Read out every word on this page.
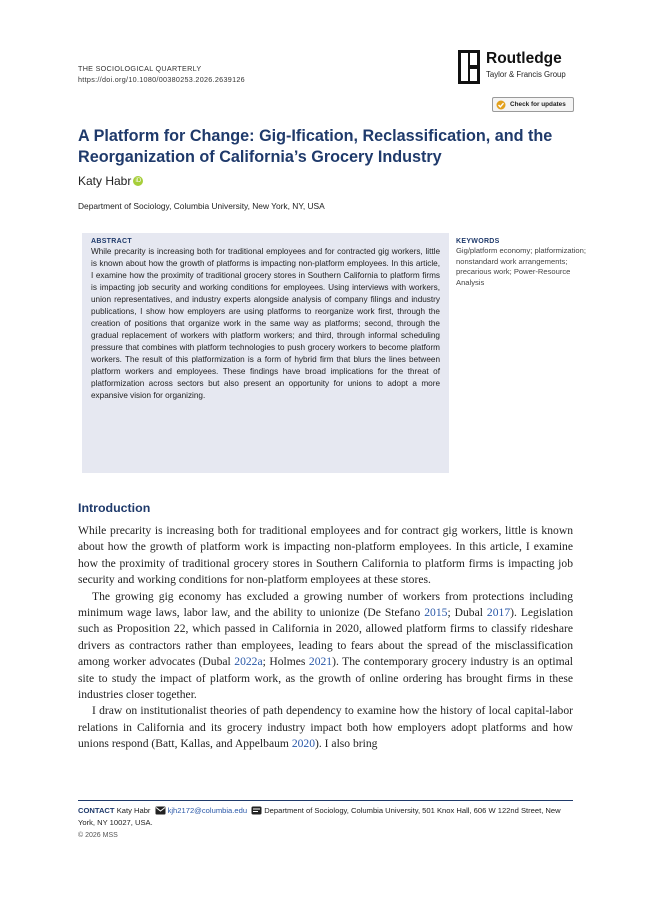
THE SOCIOLOGICAL QUARTERLY
https://doi.org/10.1080/00380253.2026.2639126
Routledge
Taylor & Francis Group
Check for updates
A Platform for Change: Gig-Ification, Reclassification, and the Reorganization of California’s Grocery Industry
Katy Habr iD
Department of Sociology, Columbia University, New York, NY, USA
ABSTRACT
While precarity is increasing both for traditional employees and for contracted gig workers, little is known about how the growth of platforms is impacting non-platform employees. In this article, I examine how the proximity of traditional grocery stores in Southern California to platform firms is impacting job security and working conditions for employees. Using interviews with workers, union representatives, and industry experts alongside analysis of company filings and industry publications, I show how employers are using platforms to reorganize work first, through the creation of positions that organize work in the same way as platforms; second, through the gradual replacement of workers with platform workers; and third, through informal scheduling pressure that combines with platform technologies to push grocery workers to become platform workers. The result of this platformization is a form of hybrid firm that blurs the lines between platform workers and employees. These findings have broad implications for the threat of platformization across sectors but also present an opportunity for unions to adopt a more expansive vision for organizing.
KEYWORDS
Gig/platform economy; platformization; nonstandard work arrangements; precarious work; Power-Resource Analysis
Introduction

While precarity is increasing both for traditional employees and for contract gig workers, little is known about how the growth of platform work is impacting non-platform employees. In this article, I examine how the proximity of traditional grocery stores in Southern California to platform firms is impacting job security and working conditions for non-platform employees at these stores.

The growing gig economy has excluded a growing number of workers from protections including minimum wage laws, labor law, and the ability to unionize (De Stefano 2015; Dubal 2017). Legislation such as Proposition 22, which passed in California in 2020, allowed platform firms to classify rideshare drivers as contractors rather than employees, leading to fears about the spread of the misclassification among worker advocates (Dubal 2022a; Holmes 2021). The contemporary grocery industry is an optimal site to study the impact of platform work, as the growth of online ordering has brought firms in these industries closer together.

I draw on institutionalist theories of path dependency to examine how the history of local capital-labor relations in California and its grocery industry impact both how employers adopt platforms and how unions respond (Batt, Kallas, and Appelbaum 2020). I also bring

CONTACT Katy Habr kjh2172@columbia.edu Department of Sociology, Columbia University, 501 Knox Hall, 606 W 122nd Street, New York, NY 10027, USA.
© 2026 MSS
